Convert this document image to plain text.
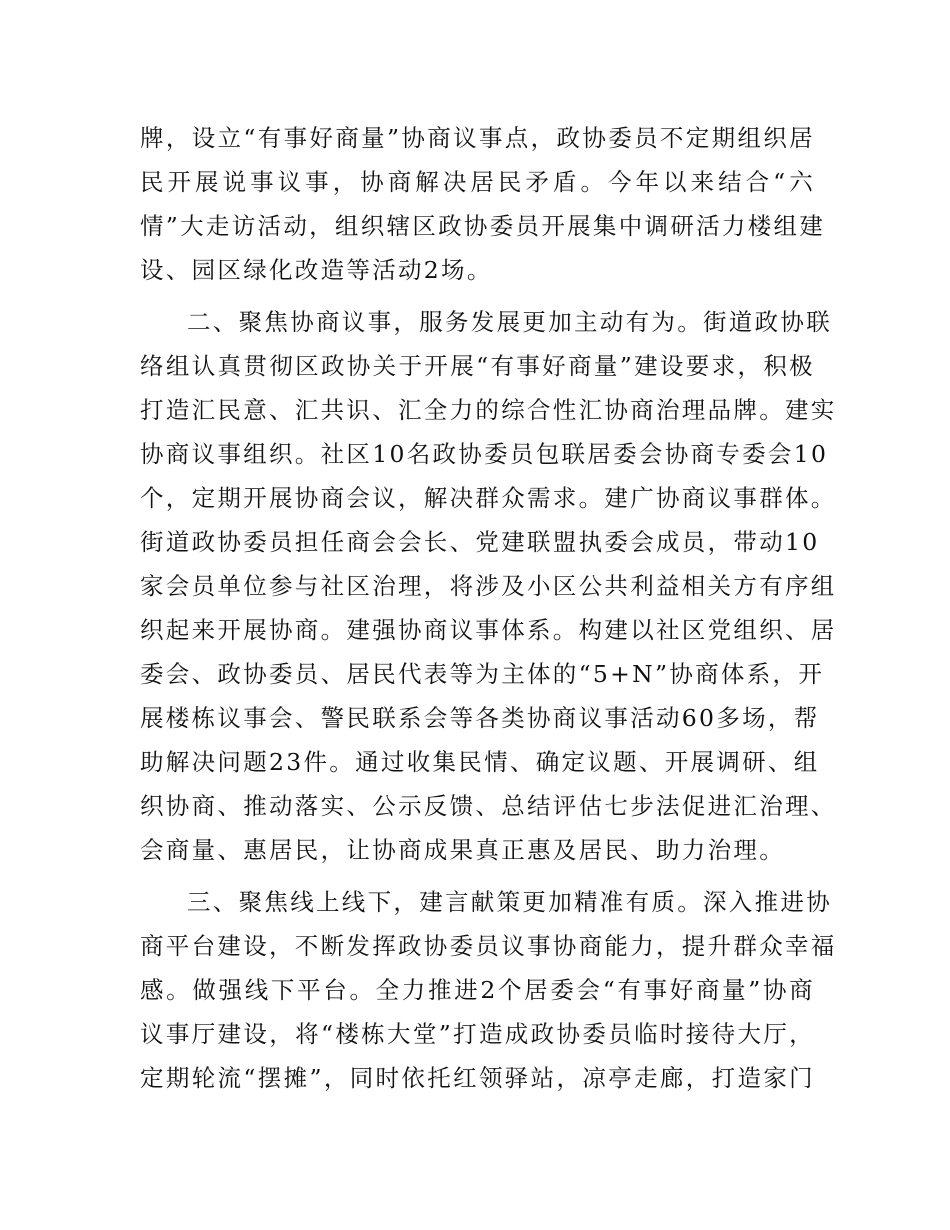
牌，设立“有事好商量”协商议事点，政协委员不定期组织居
民开展说事议事，协商解决居民矛盾。今年以来结合“六
情”大走访活动，组织辖区政协委员开展集中调研活力楼组建
设、园区绿化改造等活动2场。

二、聚焦协商议事，服务发展更加主动有为。街道政协联
络组认真贯彻区政协关于开展“有事好商量”建设要求，积极
打造汇民意、汇共识、汇全力的综合性汇协商治理品牌。建实
协商议事组织。社区10名政协委员包联居委会协商专委会10
个，定期开展协商会议，解决群众需求。建广协商议事群体。
街道政协委员担任商会会长、党建联盟执委会成员，带动10
家会员单位参与社区治理，将涉及小区公共利益相关方有序组
织起来开展协商。建强协商议事体系。构建以社区党组织、居
委会、政协委员、居民代表等为主体的“5+N”协商体系，开
展楼栋议事会、警民联系会等各类协商议事活动60多场，帮
助解决问题23件。通过收集民情、确定议题、开展调研、组
织协商、推动落实、公示反馈、总结评估七步法促进汇治理、
会商量、惠居民，让协商成果真正惠及居民、助力治理。

三、聚焦线上线下，建言献策更加精准有质。深入推进协
商平台建设，不断发挥政协委员议事协商能力，提升群众幸福
感。做强线下平台。全力推进2个居委会“有事好商量”协商
议事厅建设，将“楼栋大堂”打造成政协委员临时接待大厅，
定期轮流“摆摊”，同时依托红领驿站，凉亭走廊，打造家门
